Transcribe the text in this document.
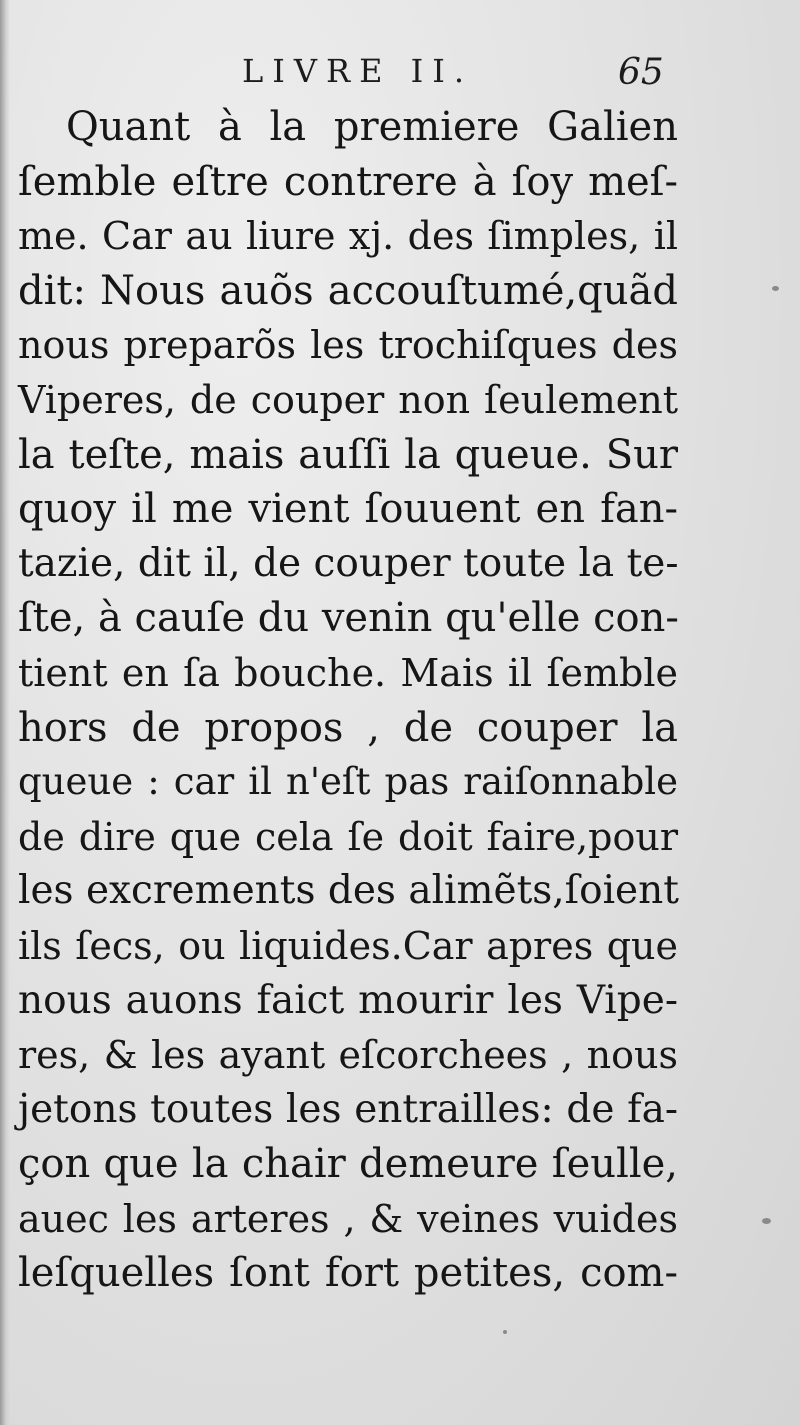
LIVRE II.	65
Quant à la premiere Galien
ſemble eſtre contrere à ſoy meſ-
me. Car au liure xj. des ſimples, il
dit: Nous auõs accouſtumé,quãd
nous preparõs les trochiſques des
Viperes, de couper non ſeulement
la teſte, mais auſſi la queue. Sur
quoy il me vient ſouuent en fan-
tazie, dit il, de couper toute la te-
ſte, à cauſe du venin qu'elle con-
tient en ſa bouche. Mais il ſemble
hors de propos , de couper la
queue : car il n'eſt pas raiſonnable
de dire que cela ſe doit faire,pour
les excrements des alimẽts,ſoient
ils ſecs, ou liquides.Car apres que
nous auons faict mourir les Vipe-
res, & les ayant eſcorchees , nous
jetons toutes les entrailles: de fa-
çon que la chair demeure ſeulle,
auec les arteres , & veines vuides
leſquelles ſont fort petites, com-
